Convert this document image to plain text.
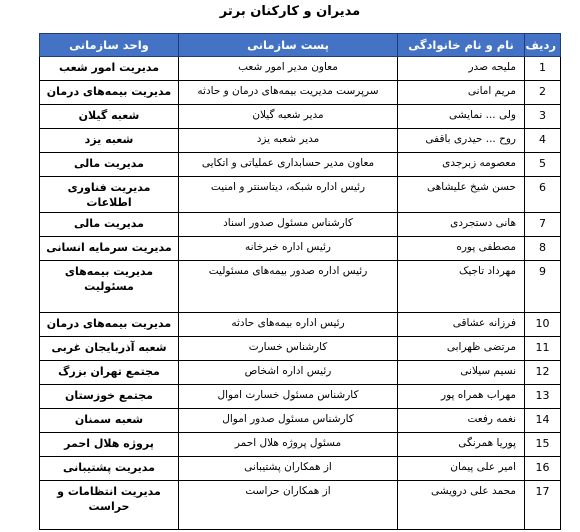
مدیران و کارکنان برتر
ردیف	نام و نام خانوادگی	پست سازمانی	واحد سازمانی
1	ملیحه صدر	معاون مدیر امور شعب	مدیریت امور شعب
2	مریم امانی	سرپرست مدیریت بیمه‌های درمان و حادثه	مدیریت بیمه‌های درمان
3	ولی ... نمایشی	مدیر شعبه گیلان	شعبه گیلان
4	روح ... حیدری باقفی	مدیر شعبه یزد	شعبه یزد
5	معصومه زبرجدی	معاون مدیر حسابداری عملیاتی و اتکایی	مدیریت مالی
6	حسن شیخ علیشاهی	رئیس اداره شبکه، دیتاسنتر و امنیت	مدیریت فناوری اطلاعات
7	هانی دستجردی	کارشناس مسئول صدور اسناد	مدیریت مالی
8	مصطفی پوره	رئیس اداره خبرخانه	مدیریت سرمایه انسانی
9	مهرداد تاجیک	رئیس اداره صدور بیمه‌های مسئولیت	مدیریت بیمه‌های مسئولیت
10	فرزانه عشاقی	رئیس اداره بیمه‌های حادثه	مدیریت بیمه‌های درمان
11	مرتضی ظهرابی	کارشناس خسارت	شعبه آذربایجان غربی
12	نسیم سیلانی	رئیس اداره اشخاص	مجتمع تهران بزرگ
13	مهراب همراه پور	کارشناس مسئول خسارت اموال	مجتمع خوزستان
14	نغمه رفعت	کارشناس مسئول صدور اموال	شعبه سمنان
15	پوریا همرنگی	مسئول پروژه هلال احمر	پروژه هلال احمر
16	امیر علی پیمان	از همکاران پشتیبانی	مدیریت پشتیبانی
17	محمد علی درویشی	از همکاران حراست	مدیریت انتظامات و حراست
